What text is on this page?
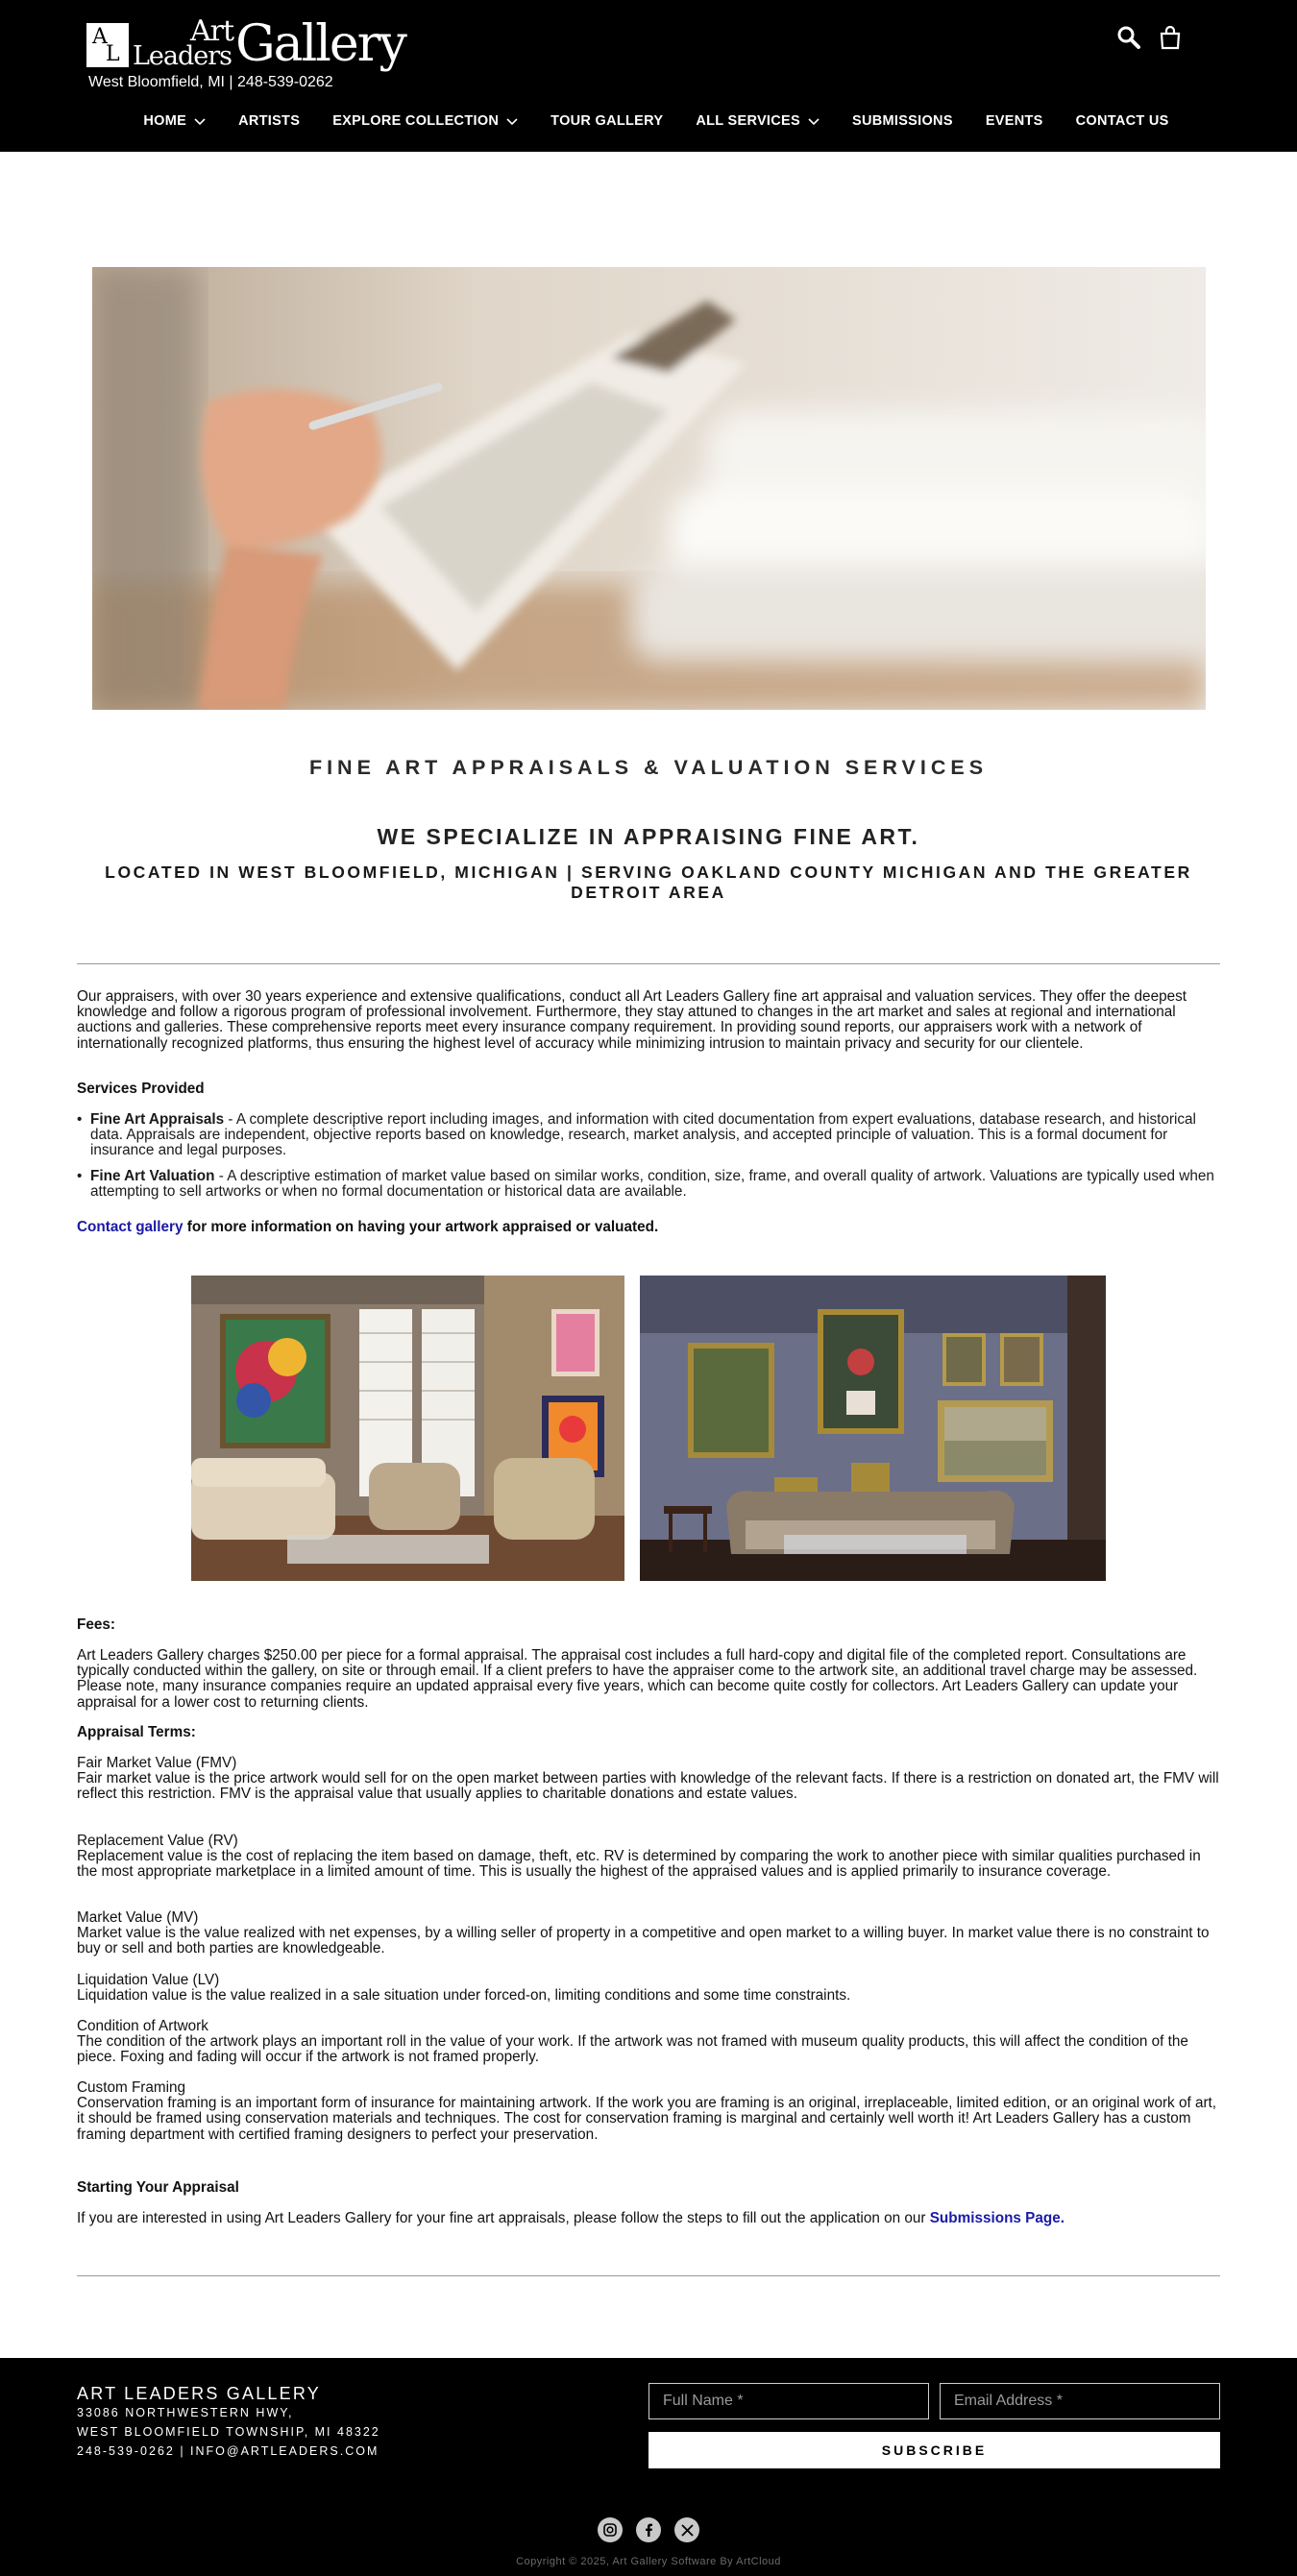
A
L
Art
Leaders Gallery
West Bloomfield, MI | 248-539-0262
HOME	ARTISTS EXPLORE COLLECTION	TOUR GALLERY ALL SERVICES	SUBMISSIONS EVENTS CONTACT US
FINE ART APPRAISALS & VALUATION SERVICES
WE SPECIALIZE IN APPRAISING FINE ART.
LOCATED IN WEST BLOOMFIELD, MICHIGAN | SERVING OAKLAND COUNTY MICHIGAN AND THE GREATER DETROIT AREA

Our appraisers, with over 30 years experience and extensive qualifications, conduct all Art Leaders Gallery fine art appraisal and valuation services. They offer the deepest knowledge and follow a rigorous program of professional involvement. Furthermore, they stay attuned to changes in the art market and sales at regional and international auctions and galleries. These comprehensive reports meet every insurance company requirement. In providing sound reports, our appraisers work with a network of internationally recognized platforms, thus ensuring the highest level of accuracy while minimizing intrusion to maintain privacy and security for our clientele.

Services Provided

• Fine Art Appraisals - A complete descriptive report including images, and information with cited documentation from expert evaluations, database research, and historical data. Appraisals are independent, objective reports based on knowledge, research, market analysis, and accepted principle of valuation. This is a formal document for insurance and legal purposes.
• Fine Art Valuation - A descriptive estimation of market value based on similar works, condition, size, frame, and overall quality of artwork. Valuations are typically used when attempting to sell artworks or when no formal documentation or historical data are available.

Contact gallery for more information on having your artwork appraised or valuated.

Fees:

Art Leaders Gallery charges $250.00 per piece for a formal appraisal. The appraisal cost includes a full hard-copy and digital file of the completed report. Consultations are typically conducted within the gallery, on site or through email. If a client prefers to have the appraiser come to the artwork site, an additional travel charge may be assessed. Please note, many insurance companies require an updated appraisal every five years, which can become quite costly for collectors. Art Leaders Gallery can update your appraisal for a lower cost to returning clients.

Appraisal Terms:

Fair Market Value (FMV)
Fair market value is the price artwork would sell for on the open market between parties with knowledge of the relevant facts. If there is a restriction on donated art, the FMV will reflect this restriction. FMV is the appraisal value that usually applies to charitable donations and estate values.
Replacement Value (RV)
Replacement value is the cost of replacing the item based on damage, theft, etc. RV is determined by comparing the work to another piece with similar qualities purchased in the most appropriate marketplace in a limited amount of time. This is usually the highest of the appraised values and is applied primarily to insurance coverage.
Market Value (MV)
Market value is the value realized with net expenses, by a willing seller of property in a competitive and open market to a willing buyer. In market value there is no constraint to buy or sell and both parties are knowledgeable.
Liquidation Value (LV)
Liquidation value is the value realized in a sale situation under forced-on, limiting conditions and some time constraints.
Condition of Artwork
The condition of the artwork plays an important roll in the value of your work. If the artwork was not framed with museum quality products, this will affect the condition of the piece. Foxing and fading will occur if the artwork is not framed properly.
Custom Framing
Conservation framing is an important form of insurance for maintaining artwork. If the work you are framing is an original, irreplaceable, limited edition, or an original work of art, it should be framed using conservation materials and techniques. The cost for conservation framing is marginal and certainly well worth it! Art Leaders Gallery has a custom framing department with certified framing designers to perfect your preservation.

Starting Your Appraisal

If you are interested in using Art Leaders Gallery for your fine art appraisals, please follow the steps to fill out the application on our Submissions Page.

ART LEADERS GALLERY
33086 NORTHWESTERN HWY,
WEST BLOOMFIELD TOWNSHIP, MI 48322
248-539-0262 | INFO@ARTLEADERS.COM
Full Name *
Email Address *	SUBSCRIBE
Copyright © 2025, Art Gallery Software By ArtCloud
